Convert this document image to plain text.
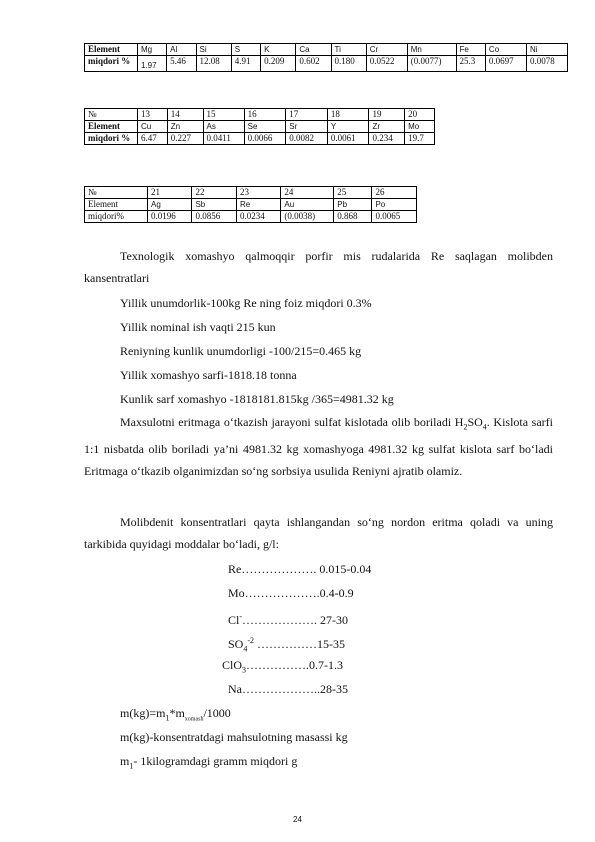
Element	Mg	Al	Si	S	K	Ca	Ti	Cr	Mn	Fe	Co	Ni
miqdori %	1.97	5.46	12.08	4.91	0.209	0.602	0.180	0.0522	(0.0077)	25.3	0.0697	0.0078
№	13	14	15	16	17	18	19	20
Element	Cu	Zn	As	Se	Sr	Y	Zr	Mo
miqdori %	6.47	0.227	0.0411	0.0066	0.0082	0.0061	0.234	19.7
№	21	22	23	24	25	26
Element	Ag	Sb	Re	Au	Pb	Po
miqdori%	0.0196	0.0856	0.0234	(0.0038)	0.868	0.0065
Texnologik xomashyo qalmoqqir porfir mis rudalarida Re saqlagan molibden kansentratlari
Yillik unumdorlik-100kg Re ning foiz miqdori 0.3%
Yillik nominal ish vaqti 215 kun
Reniyning kunlik unumdorligi -100/215=0.465 kg
Yillik xomashyo sarfi-1818.18 tonna
Kunlik sarf xomashyo -1818181.815kg /365=4981.32 kg
Maxsulotni eritmaga o‘tkazish jarayoni sulfat kislotada olib boriladi $H_2SO_4$. Kislota sarfi 1:1 nisbatda olib boriladi ya’ni 4981.32 kg xomashyoga 4981.32 kg sulfat kislota sarf bo‘ladi Eritmaga o‘tkazib olganimizdan so‘ng sorbsiya usulida Reniyni ajratib olamiz.
Molibdenit konsentratlari qayta ishlangandan so‘ng nordon eritma qoladi va uning tarkibida quyidagi moddalar bo‘ladi, g/l:
Re………………. 0.015-0.04
Mo……………….0.4-0.9
Cl-………………. 27-30
$SO_4^{-2}$ ……………15-35
ClO$_3$…………….0.7-1.3
Na………………..28-35
$m(kg)=m_1*m_{xomash}/1000$
m(kg)-konsentratdagi mahsulotning masassi kg
$m_1-$ 1kilogramdagi gramm miqdori g
24
